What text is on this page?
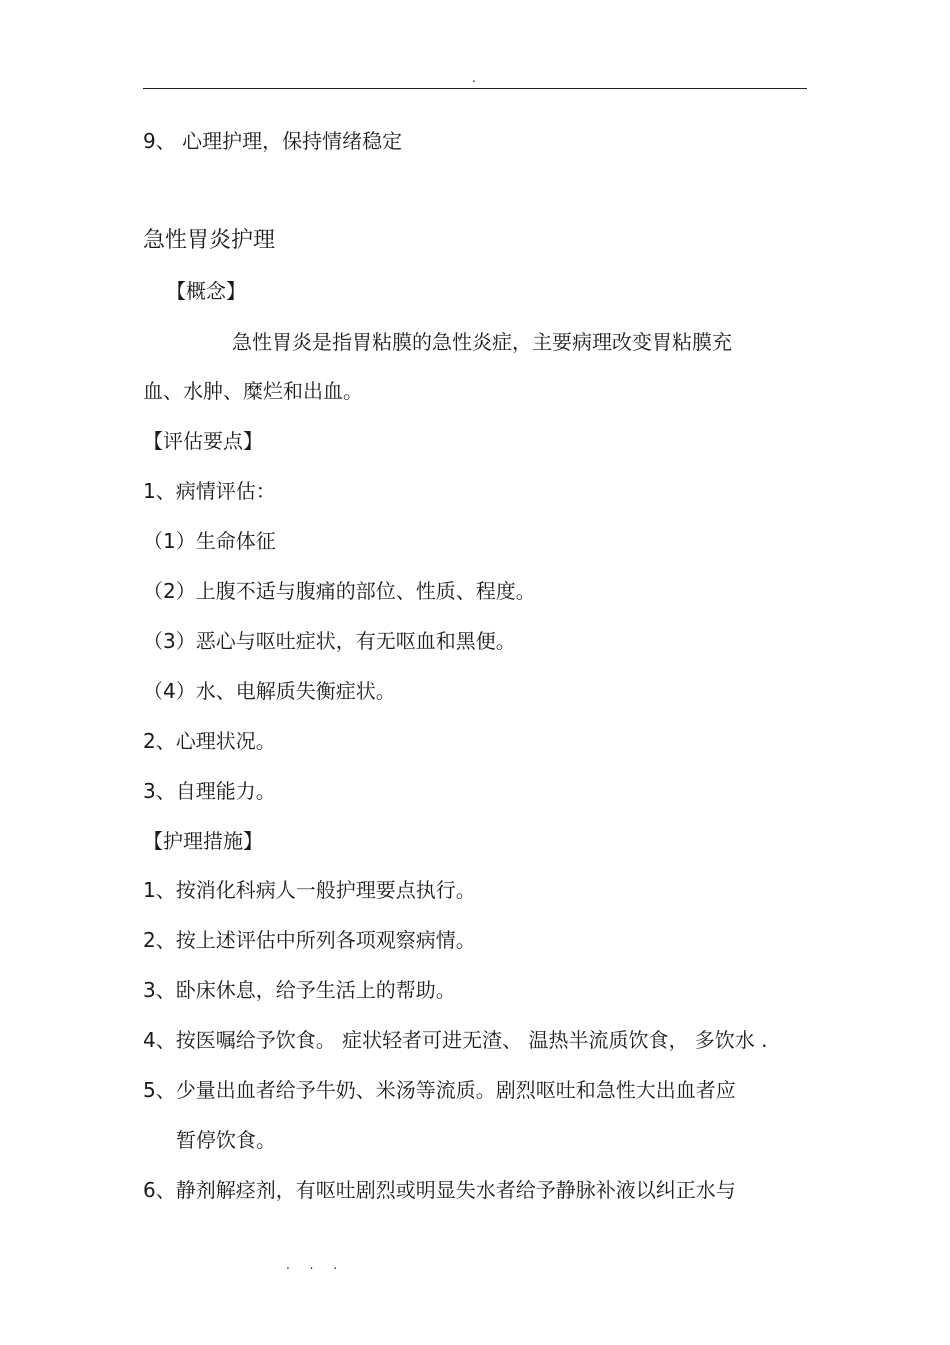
.
9、 心理护理，保持情绪稳定
急性胃炎护理
【概念】
急性胃炎是指胃粘膜的急性炎症，主要病理改变胃粘膜充
血、水肿、糜烂和出血。
【评估要点】
1、病情评估：
（1）生命体征
（2）上腹不适与腹痛的部位、性质、程度。
（3）恶心与呕吐症状，有无呕血和黑便。
（4）水、电解质失衡症状。
2、心理状况。
3、自理能力。
【护理措施】
1、按消化科病人一般护理要点执行。
2、按上述评估中所列各项观察病情。
3、卧床休息，给予生活上的帮助。
4、按医嘱给予饮食。 症状轻者可进无渣、 温热半流质饮食， 多饮水 .
5、少量出血者给予牛奶、米汤等流质。剧烈呕吐和急性大出血者应
暂停饮食。
6、静剂解痉剂，有呕吐剧烈或明显失水者给予静脉补液以纠正水与
. . .
